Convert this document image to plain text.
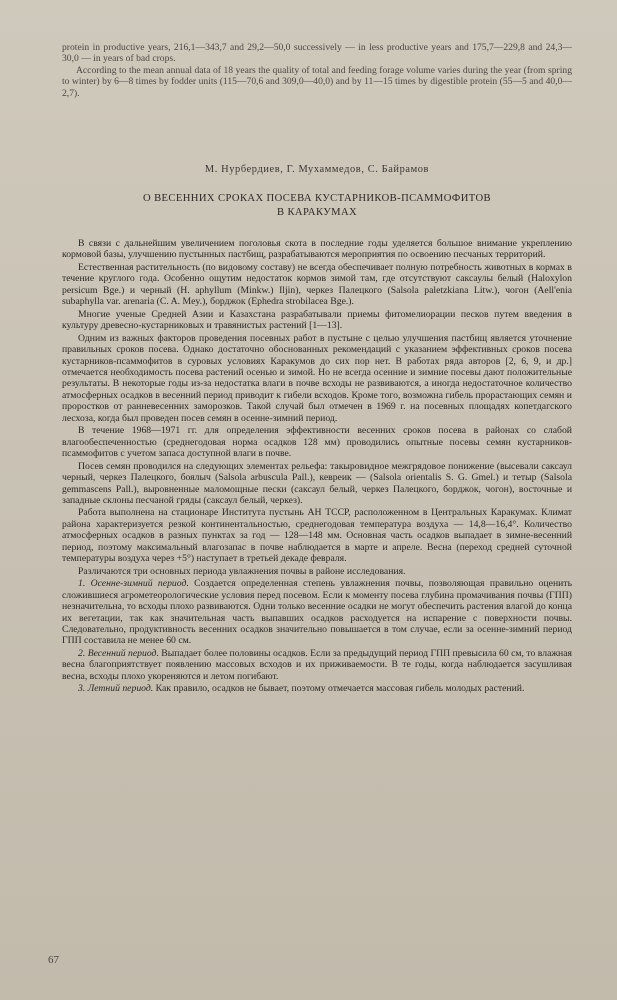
protein in productive years, 216,1—343,7 and 29,2—50,0 successively — in less productive years and 175,7—229,8 and 24,3—30,0 — in years of bad crops.

According to the mean annual data of 18 years the quality of total and feeding forage volume varies during the year (from spring to winter) by 6—8 times by fodder units (115—70,6 and 309,0—40,0) and by 11—15 times by digestible protein (55—5 and 40,0—2,7).

М. Нурбердиев, Г. Мухаммедов, С. Байрамов
О ВЕСЕННИХ СРОКАХ ПОСЕВА КУСТАРНИКОВ-ПСАММОФИТОВ
В КАРАКУМАХ

В связи с дальнейшим увеличением поголовья скота в последние годы уделяется большое внимание укреплению кормовой базы, улучшению пустынных пастбищ, разрабатываются мероприятия по освоению песчаных территорий.

Естественная растительность (по видовому составу) не всегда обеспечивает полную потребность животных в кормах в течение круглого года. Особенно ощутим недостаток кормов зимой там, где отсутствуют саксаулы белый (Haloxylon persicum Bge.) и черный (H. aphyllum (Minkw.) Iljin), черкез Палецкого (Salsola paletzkiana Litw.), чогон (Aell'enia subaphylla var. arenaria (C. A. Mey.), борджок (Ephedra strobilacea Bge.).

Многие ученые Средней Азии и Казахстана разрабатывали приемы фитомелиорации песков путем введения в культуру древесно-кустарниковых и травянистых растений [1—13].

Одним из важных факторов проведения посевных работ в пустыне с целью улучшения пастбищ является уточнение правильных сроков посева. Однако достаточно обоснованных рекомендаций с указанием эффективных сроков посева кустарников-псаммофитов в суровых условиях Каракумов до сих пор нет. В работах ряда авторов [2, 6, 9, и др.] отмечается необходимость посева растений осенью и зимой. Но не всегда осенние и зимние посевы дают положительные результаты. В некоторые годы из-за недостатка влаги в почве всходы не развиваются, а иногда недостаточное количество атмосферных осадков в весенний период приводит к гибели всходов. Кроме того, возможна гибель прорастающих семян и проростков от ранневесенних заморозков. Такой случай был отмечен в 1969 г. на посевных площадях копетдагского лесхоза, когда был проведен посев семян в осенне-зимний период.

В течение 1968—1971 гг. для определения эффективности весенних сроков посева в районах со слабой влагообеспеченностью (среднегодовая норма осадков 128 мм) проводились опытные посевы семян кустарников-псаммофитов с учетом запаса доступной влаги в почве.

Посев семян проводился на следующих элементах рельефа: такыровидное межгрядовое понижение (высевали саксаул черный, черкез Палецкого, боялыч (Salsola arbuscula Pall.), кевреик — (Salsola orientalis S. G. Gmel.) и тетыр (Salsola gemmascens Pall.), выровненные маломощные пески (саксаул белый, черкез Палецкого, борджок, чогон), восточные и западные склоны песчаной гряды (саксаул белый, черкез).

Работа выполнена на стационаре Института пустынь АН ТССР, расположенном в Центральных Каракумах. Климат района характеризуется резкой континентальностью, среднегодовая температура воздуха — 14,8—16,4°. Количество атмосферных осадков в разных пунктах за год — 128—148 мм. Основная часть осадков выпадает в зимне-весенний период, поэтому максимальный влагозапас в почве наблюдается в марте и апреле. Весна (переход средней суточной температуры воздуха через +5°) наступает в третьей декаде февраля.

Различаются три основных периода увлажнения почвы в районе исследования.

1. Осенне-зимний период. Создается определенная степень увлажнения почвы, позволяющая правильно оценить сложившиеся агрометеорологические условия перед посевом. Если к моменту посева глубина промачивания почвы (ГПП) незначительна, то всходы плохо развиваются. Одни только весенние осадки не могут обеспечить растения влагой до конца их вегетации, так как значительная часть выпавших осадков расходуется на испарение с поверхности почвы. Следовательно, продуктивность весенних осадков значительно повышается в том случае, если за осенне-зимний период ГПП составила не менее 60 см.

2. Весенний период. Выпадает более половины осадков. Если за предыдущий период ГПП превысила 60 см, то влажная весна благоприятствует появлению массовых всходов и их приживаемости. В те годы, когда наблюдается засушливая весна, всходы плохо укореняются и летом погибают.

3. Летний период. Как правило, осадков не бывает, поэтому отмечается массовая гибель молодых растений.

67
